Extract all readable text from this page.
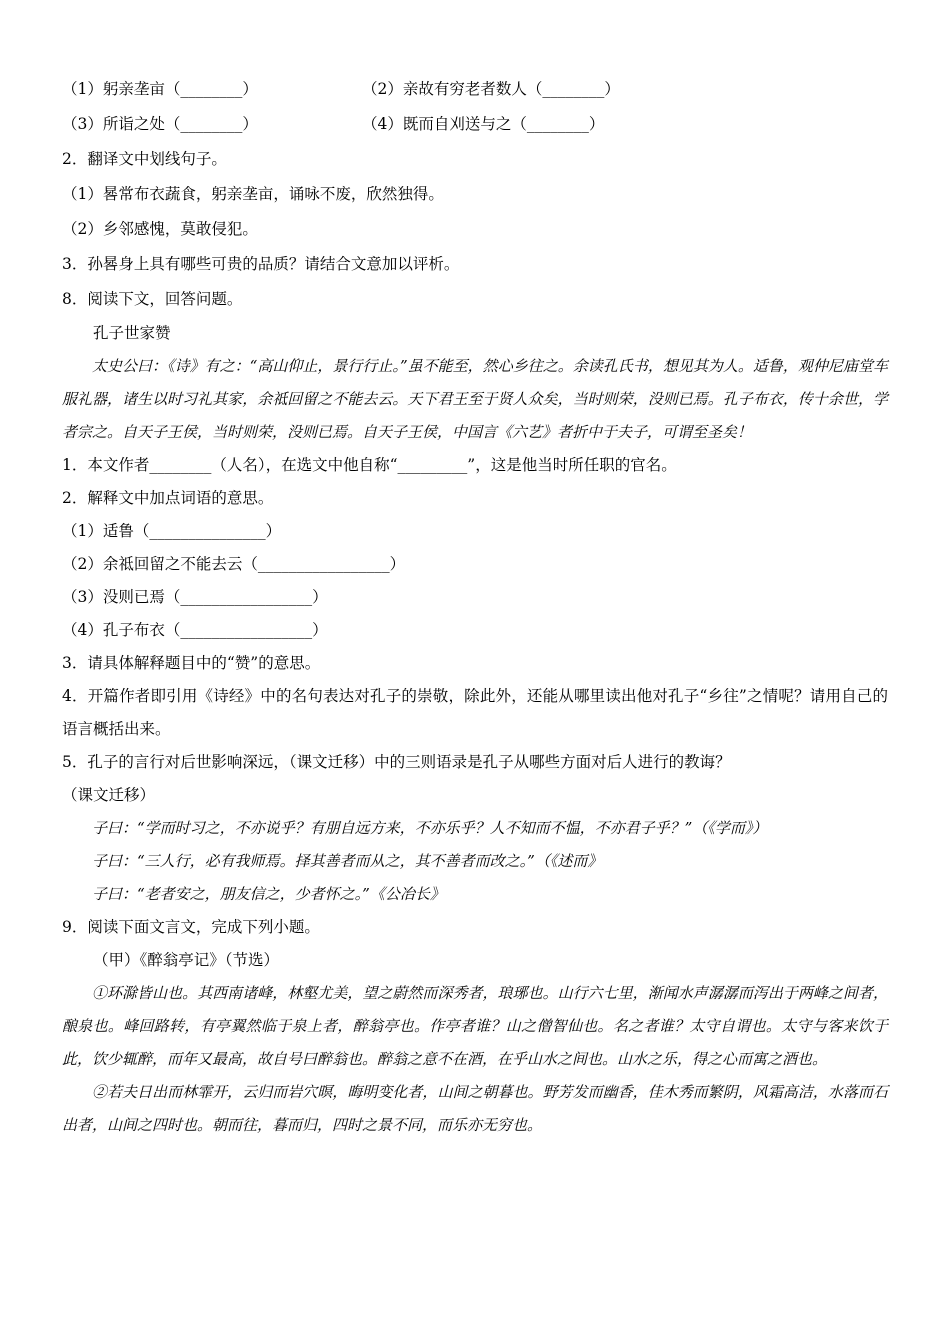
（1）躬亲垄亩（________）	（2）亲故有穷老者数人（________）
（3）所诣之处（________）	（4）既而自刈送与之（________）
2．翻译文中划线句子。
（1）晷常布衣蔬食，躬亲垄亩，诵咏不废，欣然独得。
（2）乡邻感愧，莫敢侵犯。
3．孙晷身上具有哪些可贵的品质？请结合文意加以评析。
8．阅读下文，回答问题。
孔子世家赞
太史公曰：《诗》有之：“高山仰止，景行行止。”虽不能至，然心乡往之。余读孔氏书，想见其为人。适鲁，观仲尼庙堂车服礼器，诸生以时习礼其家，余祗回留之不能去云。天下君王至于贤人众矣，当时则荣，没则已焉。孔子布衣，传十余世，学者宗之。自天子王侯，当时则荣，没则已焉。自天子王侯，中国言《六艺》者折中于夫子，可谓至圣矣！
1．本文作者________（人名），在选文中他自称“_________”，这是他当时所任职的官名。
2．解释文中加点词语的意思。
（1）适鲁（_______________）
（2）余祗回留之不能去云（_________________）
（3）没则已焉（_________________）
（4）孔子布衣（_________________）
3．请具体解释题目中的“赞”的意思。
4．开篇作者即引用《诗经》中的名句表达对孔子的崇敬，除此外，还能从哪里读出他对孔子“乡往”之情呢？请用自己的语言概括出来。
5．孔子的言行对后世影响深远，（课文迁移）中的三则语录是孔子从哪些方面对后人进行的教诲？
（课文迁移）
子曰：“学而时习之，不亦说乎？有朋自远方来，不亦乐乎？人不知而不愠，不亦君子乎？”（《学而》）
子曰：“三人行，必有我师焉。择其善者而从之，其不善者而改之。”（《述而》
子曰：“老者安之，朋友信之，少者怀之。”《公冶长》
9．阅读下面文言文，完成下列小题。
（甲）《醉翁亭记》（节选）
①环滁皆山也。其西南诸峰，林壑尤美，望之蔚然而深秀者，琅琊也。山行六七里，渐闻水声潺潺而泻出于两峰之间者，酿泉也。峰回路转，有亭翼然临于泉上者，醉翁亭也。作亭者谁？山之僧智仙也。名之者谁？太守自谓也。太守与客来饮于此，饮少辄醉，而年又最高，故自号曰醉翁也。醉翁之意不在酒，在乎山水之间也。山水之乐，得之心而寓之酒也。
②若夫日出而林霏开，云归而岩穴暝，晦明变化者，山间之朝暮也。野芳发而幽香，佳木秀而繁阴，风霜高洁，水落而石出者，山间之四时也。朝而往，暮而归，四时之景不同，而乐亦无穷也。
